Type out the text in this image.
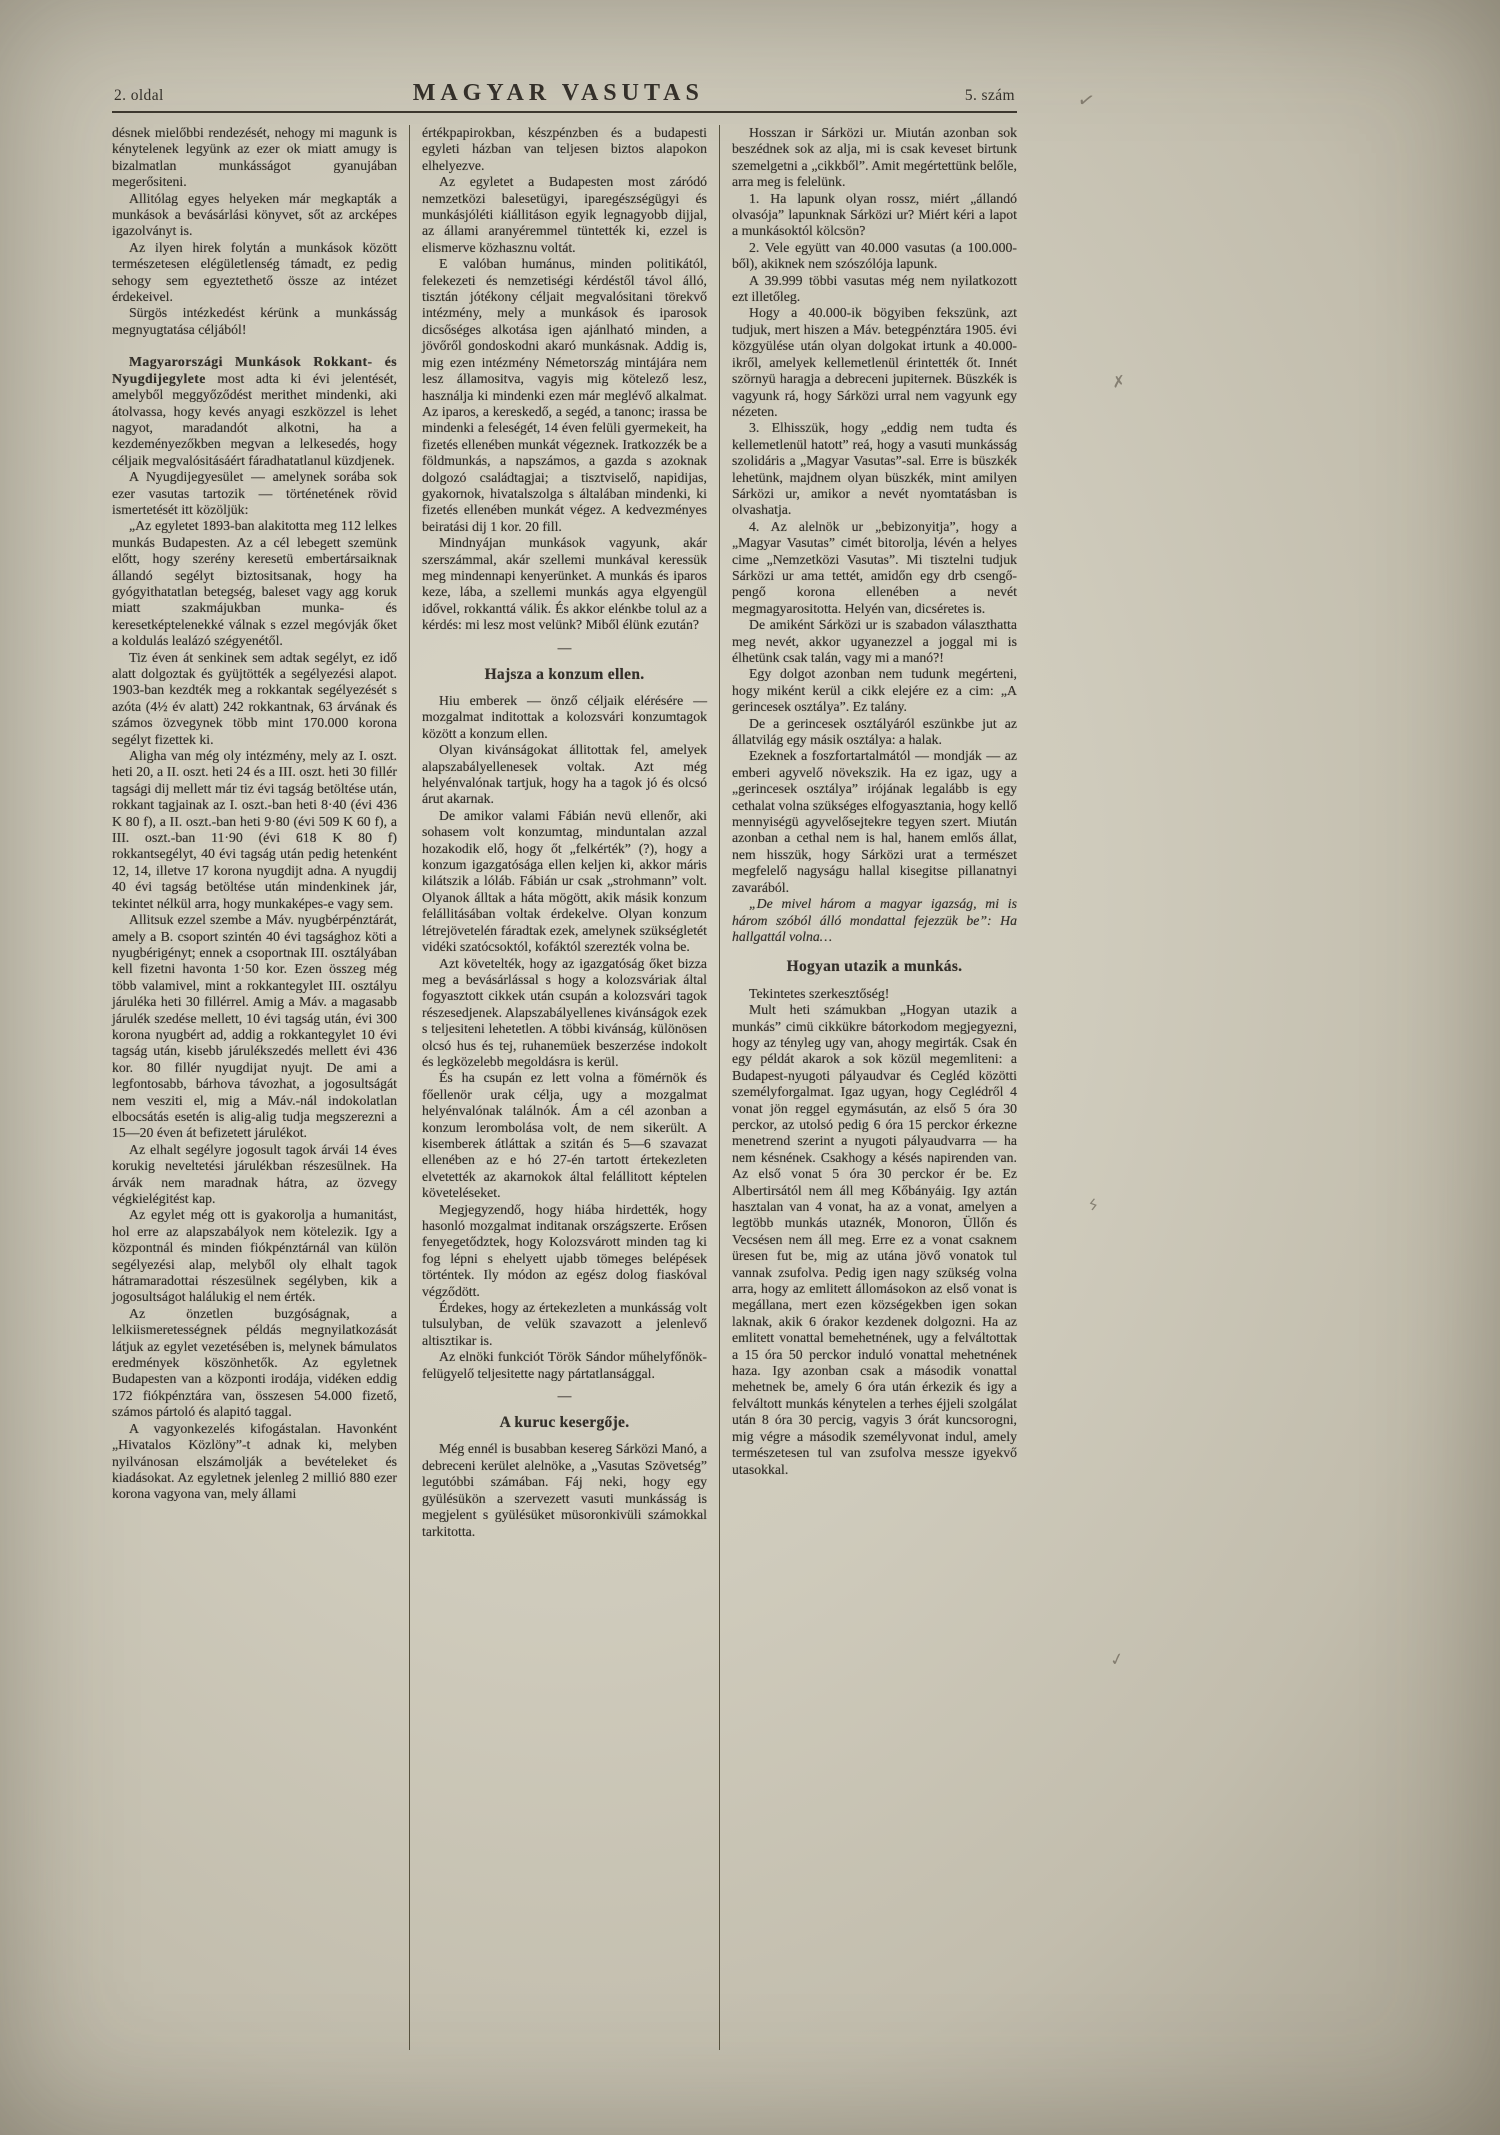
✓
✗
ϟ
✓
2. oldal	MAGYAR VASUTAS	5. szám

désnek mielőbbi rendezését, nehogy mi magunk is kénytelenek legyünk az ezer ok miatt amugy is bizalmatlan munkásságot gyanujában megerősiteni.

Allitólag egyes helyeken már megkapták a munkások a bevásárlási könyvet, sőt az arcképes igazolványt is.

Az ilyen hirek folytán a munkások között természetesen elégületlenség támadt, ez pedig sehogy sem egyeztethető össze az intézet érdekeivel.

Sürgös intézkedést kérünk a munkásság megnyugtatása céljából!

Magyarországi Munkások Rokkant- és Nyugdijegylete most adta ki évi jelentését, amelyből meggyőződést merithet mindenki, aki átolvassa, hogy kevés anyagi eszközzel is lehet nagyot, maradandót alkotni, ha a kezdeményezőkben megvan a lelkesedés, hogy céljaik megvalósitásáért fáradhatatlanul küzdjenek.

A Nyugdijegyesület — amelynek sorába sok ezer vasutas tartozik — történetének rövid ismertetését itt közöljük:

„Az egyletet 1893-ban alakitotta meg 112 lelkes munkás Budapesten. Az a cél lebegett szemünk előtt, hogy szerény keresetü embertársaiknak állandó segélyt biztositsanak, hogy ha gyógyithatatlan betegség, baleset vagy agg koruk miatt szakmájukban munka- és keresetképtelenekké válnak s ezzel megóvják őket a koldulás lealázó szégyenétől.

Tiz éven át senkinek sem adtak segélyt, ez idő alatt dolgoztak és gyüjtötték a segélyezési alapot. 1903-ban kezdték meg a rokkantak segélyezését s azóta (4½ év alatt) 242 rokkantnak, 63 árvának és számos özvegynek több mint 170.000 korona segélyt fizettek ki.

Aligha van még oly intézmény, mely az I. oszt. heti 20, a II. oszt. heti 24 és a III. oszt. heti 30 fillér tagsági dij mellett már tiz évi tagság betöltése után, rokkant tagjainak az I. oszt.-ban heti 8·40 (évi 436 K 80 f), a II. oszt.-ban heti 9·80 (évi 509 K 60 f), a III. oszt.-ban 11·90 (évi 618 K 80 f) rokkantsegélyt, 40 évi tagság után pedig hetenként 12, 14, illetve 17 korona nyugdijt adna. A nyugdij 40 évi tagság betöltése után mindenkinek jár, tekintet nélkül arra, hogy munkaképes-e vagy sem.

Allitsuk ezzel szembe a Máv. nyugbérpénztárát, amely a B. csoport szintén 40 évi tagsághoz köti a nyugbérigényt; ennek a csoportnak III. osztályában kell fizetni havonta 1·50 kor. Ezen összeg még több valamivel, mint a rokkantegylet III. osztályu járuléka heti 30 fillérrel. Amig a Máv. a magasabb járulék szedése mellett, 10 évi tagság után, évi 300 korona nyugbért ad, addig a rokkantegylet 10 évi tagság után, kisebb járulékszedés mellett évi 436 kor. 80 fillér nyugdijat nyujt. De ami a legfontosabb, bárhova távozhat, a jogosultságát nem vesziti el, mig a Máv.-nál indokolatlan elbocsátás esetén is alig-alig tudja megszerezni a 15—20 éven át befizetett járulékot.

Az elhalt segélyre jogosult tagok árvái 14 éves korukig neveltetési járulékban részesülnek. Ha árvák nem maradnak hátra, az özvegy végkielégitést kap.

Az egylet még ott is gyakorolja a humanitást, hol erre az alapszabályok nem kötelezik. Igy a központnál és minden fiókpénztárnál van külön segélyezési alap, melyből oly elhalt tagok hátramaradottai részesülnek segélyben, kik a jogosultságot halálukig el nem érték.

Az önzetlen buzgóságnak, a lelkiismeretességnek példás megnyilatkozását látjuk az egylet vezetésében is, melynek bámulatos eredmények köszönhetők. Az egyletnek Budapesten van a központi irodája, vidéken eddig 172 fiókpénztára van, összesen 54.000 fizető, számos pártoló és alapitó taggal.

A vagyonkezelés kifogástalan. Havonként „Hivatalos Közlöny”-t adnak ki, melyben nyilvánosan elszámolják a bevételeket és kiadásokat. Az egyletnek jelenleg 2 millió 880 ezer korona vagyona van, mely állami

értékpapirokban, készpénzben és a budapesti egyleti házban van teljesen biztos alapokon elhelyezve.

Az egyletet a Budapesten most záródó nemzetközi balesetügyi, iparegészségügyi és munkásjóléti kiállitáson egyik legnagyobb dijjal, az állami aranyéremmel tüntették ki, ezzel is elismerve közhasznu voltát.

E valóban humánus, minden politikától, felekezeti és nemzetiségi kérdéstől távol álló, tisztán jótékony céljait megvalósitani törekvő intézmény, mely a munkások és iparosok dicsőséges alkotása igen ajánlható minden, a jövőről gondoskodni akaró munkásnak. Addig is, mig ezen intézmény Németország mintájára nem lesz államositva, vagyis mig kötelező lesz, használja ki mindenki ezen már meglévő alkalmat. Az iparos, a kereskedő, a segéd, a tanonc; irassa be mindenki a feleségét, 14 éven felüli gyermekeit, ha fizetés ellenében munkát végeznek. Iratkozzék be a földmunkás, a napszámos, a gazda s azoknak dolgozó családtagjai; a tisztviselő, napidijas, gyakornok, hivatalszolga s általában mindenki, ki fizetés ellenében munkát végez. A kedvezményes beiratási dij 1 kor. 20 fill.

Mindnyájan munkások vagyunk, akár szerszámmal, akár szellemi munkával keressük meg mindennapi kenyerünket. A munkás és iparos keze, lába, a szellemi munkás agya elgyengül idővel, rokkanttá válik. És akkor elénkbe tolul az a kérdés: mi lesz most velünk? Miből élünk ezután?

—
Hajsza a konzum ellen.

Hiu emberek — önző céljaik elérésére — mozgalmat inditottak a kolozsvári konzumtagok között a konzum ellen.

Olyan kivánságokat állitottak fel, amelyek alapszabályellenesek voltak. Azt még helyénvalónak tartjuk, hogy ha a tagok jó és olcsó árut akarnak.

De amikor valami Fábián nevü ellenőr, aki sohasem volt konzumtag, minduntalan azzal hozakodik elő, hogy őt „felkérték” (?), hogy a konzum igazgatósága ellen keljen ki, akkor máris kilátszik a lóláb. Fábián ur csak „strohmann” volt. Olyanok álltak a háta mögött, akik másik konzum felállitásában voltak érdekelve. Olyan konzum létrejövetelén fáradtak ezek, amelynek szükségletét vidéki szatócsoktól, kofáktól szerezték volna be.

Azt követelték, hogy az igazgatóság őket bizza meg a bevásárlással s hogy a kolozsváriak által fogyasztott cikkek után csupán a kolozsvári tagok részesedjenek. Alapszabályellenes kivánságok ezek s teljesiteni lehetetlen. A többi kivánság, különösen olcsó hus és tej, ruhanemüek beszerzése indokolt és legközelebb megoldásra is kerül.

És ha csupán ez lett volna a fömérnök és főellenör urak célja, ugy a mozgalmat helyénvalónak találnók. Ám a cél azonban a konzum lerombolása volt, de nem sikerült. A kisemberek átláttak a szitán és 5—6 szavazat ellenében az e hó 27-én tartott értekezleten elvetették az akarnokok által felállitott képtelen követeléseket.

Megjegyzendő, hogy hiába hirdették, hogy hasonló mozgalmat inditanak országszerte. Erősen fenyegetődztek, hogy Kolozsvárott minden tag ki fog lépni s ehelyett ujabb tömeges belépések történtek. Ily módon az egész dolog fiaskóval végződött.

Érdekes, hogy az értekezleten a munkásság volt tulsulyban, de velük szavazott a jelenlevő altisztikar is.

Az elnöki funkciót Török Sándor műhelyfőnök-felügyelő teljesitette nagy pártatlansággal.

—
A kuruc kesergője.

Még ennél is busabban kesereg Sárközi Manó, a debreceni kerület alelnöke, a „Vasutas Szövetség” legutóbbi számában. Fáj neki, hogy egy gyülésükön a szervezett vasuti munkásság is megjelent s gyülésüket müsoronkivüli számokkal tarkitotta.

Hosszan ir Sárközi ur. Miután azonban sok beszédnek sok az alja, mi is csak keveset birtunk szemelgetni a „cikkből”. Amit megértettünk belőle, arra meg is felelünk.

1. Ha lapunk olyan rossz, miért „állandó olvasója” lapunknak Sárközi ur? Miért kéri a lapot a munkásoktól kölcsön?

2. Vele együtt van 40.000 vasutas (a 100.000-ből), akiknek nem szószólója lapunk.

A 39.999 többi vasutas még nem nyilatkozott ezt illetőleg.

Hogy a 40.000-ik bögyiben fekszünk, azt tudjuk, mert hiszen a Máv. betegpénztára 1905. évi közgyülése után olyan dolgokat irtunk a 40.000-ikről, amelyek kellemetlenül érintették őt. Innét szörnyü haragja a debreceni jupiternek. Büszkék is vagyunk rá, hogy Sárközi urral nem vagyunk egy nézeten.

3. Elhisszük, hogy „eddig nem tudta és kellemetlenül hatott” reá, hogy a vasuti munkásság szolidáris a „Magyar Vasutas”-sal. Erre is büszkék lehetünk, majdnem olyan büszkék, mint amilyen Sárközi ur, amikor a nevét nyomtatásban is olvashatja.

4. Az alelnök ur „bebizonyitja”, hogy a „Magyar Vasutas” cimét bitorolja, lévén a helyes cime „Nemzetközi Vasutas”. Mi tisztelni tudjuk Sárközi ur ama tettét, amidőn egy drb csengő-pengő korona ellenében a nevét megmagyarositotta. Helyén van, dicséretes is.

De amiként Sárközi ur is szabadon választhatta meg nevét, akkor ugyanezzel a joggal mi is élhetünk csak talán, vagy mi a manó?!

Egy dolgot azonban nem tudunk megérteni, hogy miként kerül a cikk elejére ez a cim: „A gerincesek osztálya”. Ez talány.

De a gerincesek osztályáról eszünkbe jut az állatvilág egy másik osztálya: a halak.

Ezeknek a foszfortartalmától — mondják — az emberi agyvelő növekszik. Ha ez igaz, ugy a „gerincesek osztálya” irójának legalább is egy cethalat volna szükséges elfogyasztania, hogy kellő mennyiségü agyvelősejtekre tegyen szert. Miután azonban a cethal nem is hal, hanem emlős állat, nem hisszük, hogy Sárközi urat a természet megfelelő nagyságu hallal kisegitse pillanatnyi zavarából.

„De mivel három a magyar igazság, mi is három szóból álló mondattal fejezzük be”: Ha hallgattál volna…

Hogyan utazik a munkás.

Tekintetes szerkesztőség!

Mult heti számukban „Hogyan utazik a munkás” cimü cikkükre bátorkodom megjegyezni, hogy az tényleg ugy van, ahogy megirták. Csak én egy példát akarok a sok közül megemliteni: a Budapest-nyugoti pályaudvar és Cegléd közötti személyforgalmat. Igaz ugyan, hogy Ceglédről 4 vonat jön reggel egymásután, az első 5 óra 30 perckor, az utolsó pedig 6 óra 15 perckor érkezne menetrend szerint a nyugoti pályaudvarra — ha nem késnének. Csakhogy a késés napirenden van. Az első vonat 5 óra 30 perckor ér be. Ez Albertirsától nem áll meg Kőbányáig. Igy aztán hasztalan van 4 vonat, ha az a vonat, amelyen a legtöbb munkás utaznék, Monoron, Üllőn és Vecsésen nem áll meg. Erre ez a vonat csaknem üresen fut be, mig az utána jövő vonatok tul vannak zsufolva. Pedig igen nagy szükség volna arra, hogy az emlitett állomásokon az első vonat is megállana, mert ezen községekben igen sokan laknak, akik 6 órakor kezdenek dolgozni. Ha az emlitett vonattal bemehetnének, ugy a felváltottak a 15 óra 50 perckor induló vonattal mehetnének haza. Igy azonban csak a második vonattal mehetnek be, amely 6 óra után érkezik és igy a felváltott munkás kénytelen a terhes éjjeli szolgálat után 8 óra 30 percig, vagyis 3 órát kuncsorogni, mig végre a második személyvonat indul, amely természetesen tul van zsufolva messze igyekvő utasokkal.
